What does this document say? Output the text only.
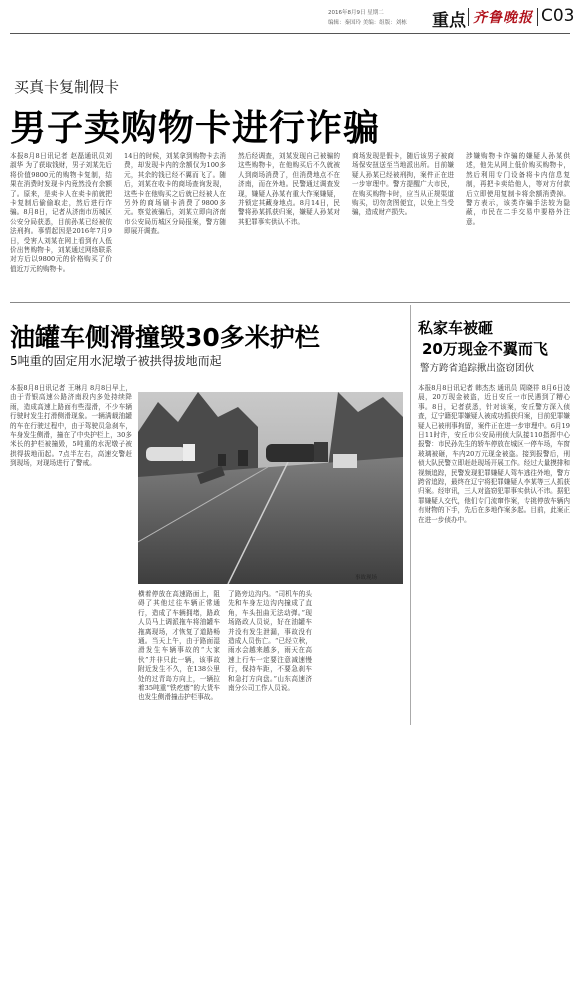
2016年8月9日 星期二
编辑：秦国玲 美编：组版：刘栋 重点 齐鲁晚报 C03
买真卡复制假卡
男子卖购物卡进行诈骗
本报8月8日讯记者 赵磊通讯员刘淑华 为了获取钱财，男子刘某先后将价值9800元的购物卡复制，结果在消费时发现卡内竟然没有余额了。原来，是卖卡人在卖卡前就把卡复制后偷偷取走，然后进行诈骗。8月8日，记者从济南市历城区公安分局获悉，目前孙某已经被依法刑拘。事情起因是2016年7月9日，受害人刘某在网上看到有人低价出售购物卡，刘某通过网络联系对方后以9800元的价格购买了价值近万元的购物卡。
14日的时候，刘某拿到购物卡去消费，却发现卡内的余额仅为100多元，其余的钱已经不翼而飞了。随后，刘某在收卡的商场查询发现，这些卡在他购买之后就已经被人在另外的商场刷卡消费了9800多元。察觉被骗后，刘某立即向济南市公安局历城区分局报案，警方随即展开调查。
然后经调查，刘某发现自己被骗的这些购物卡，在他购买后不久就被人到商场消费了，但消费地点不在济南，而在外地。民警通过调查发现，嫌疑人孙某有重大作案嫌疑，并锁定其藏身地点。8月14日，民警将孙某抓获归案，嫌疑人孙某对其犯罪事实供认不讳。
商场发现是假卡，随后该男子被商场保安扭送至当地派出所。目前嫌疑人孙某已经被刑拘，案件正在进一步审理中。警方提醒广大市民，在购买购物卡时，应当从正规渠道购买，切勿贪图便宜，以免上当受骗，造成财产损失。
涉嫌购物卡诈骗的嫌疑人孙某供述，他先从网上低价购买购物卡，然后利用专门设备将卡内信息复制，再把卡卖给他人，等对方付款后立即使用复制卡将余额消费掉。警方表示，该类诈骗手法较为隐蔽，市民在二手交易中要格外注意。
油罐车侧滑撞毁30多米护栏
5吨重的固定用水泥墩子被拱得拔地而起
本报8月8日讯记者 王琳月 8月8日早上，由于青银高速公路济南段内多处持续降雨，造成高速上路面有些湿滑，不少车辆行驶时发生打滑侧滑现象。一辆满载油罐的车在行驶过程中，由于驾驶员急刹车，车身发生侧滑，撞在了中央护栏上，30多米长的护栏被撞毁，5吨重的水泥墩子被拱得拔地而起。7点半左右，高速交警赶到现场，对现场进行了警戒。
事故现场
横着停放在高速路面上，阻碍了其他过往车辆正常通行，造成了车辆拥堵，路政人员马上调派拖车将油罐车拖离现场，才恢复了道路畅通。当天上午，由于路面湿滑发生车辆事故的“大家伙”并非只此一辆，该事故附近发生不久，在138公里处的过青岛方向上，一辆拉着35吨重“铁疙瘩”的大货车也发生侧滑撞击护栏事故。
了路旁边沟内。“司机车的头先和车身左边沟内撞成了直角，车头扭曲无法动弹。”现场路政人员说，好在油罐车并没有发生泄漏，事故没有造成人员伤亡。“已经立秋，雨水会越来越多，雨天在高速上行车一定要注意减速慢行，保持车距，不要急刹车和急打方向盘。”山东高速济南分公司工作人员说。
私家车被砸
20万现金不翼而飞
警方跨省追踪揪出盗窃团伙
本报8月8日讯记者 韩杰杰 通讯员 周晓祥 8月6日凌晨，20万现金被盗，近日安丘一市民遇到了糟心事。8日，记者获悉，针对该案，安丘警方深入侦查，辽宁籍犯罪嫌疑人被成功抓获归案，目前犯罪嫌疑人已被刑事拘留，案件正在进一步审理中。6月19日11时许，安丘市公安局刑侦大队接110指挥中心报警：市民孙先生的轿车停放在城区一停车场，车窗玻璃被砸，车内20万元现金被盗。接到报警后，刑侦大队民警立即赶赴现场开展工作。经过大量摸排和视频追踪，民警发现犯罪嫌疑人驾车逃往外地，警方跨省追踪，最终在辽宁将犯罪嫌疑人李某等三人抓获归案。经审讯，三人对盗窃犯罪事实供认不讳。据犯罪嫌疑人交代，他们专门流窜作案，专挑停放车辆内有财物的下手，先后在多地作案多起。目前，此案正在进一步侦办中。
